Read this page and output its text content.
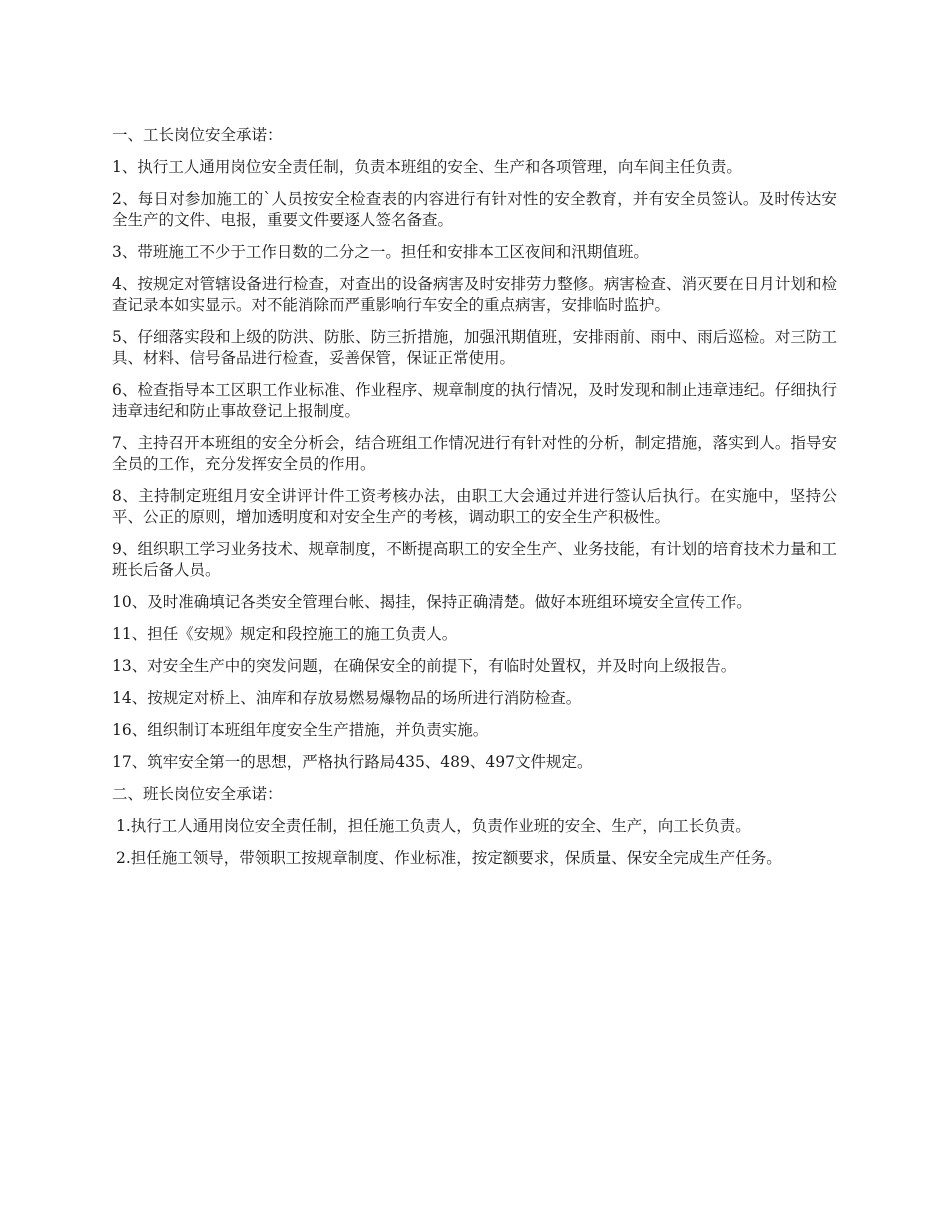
一、工长岗位安全承诺：

1、执行工人通用岗位安全责任制，负责本班组的安全、生产和各项管理，向车间主任负责。

2、每日对参加施工的`人员按安全检查表的内容进行有针对性的安全教育，并有安全员签认。及时传达安全生产的文件、电报，重要文件要逐人签名备查。

3、带班施工不少于工作日数的二分之一。担任和安排本工区夜间和汛期值班。

4、按规定对管辖设备进行检查，对查出的设备病害及时安排劳力整修。病害检查、消灭要在日月计划和检查记录本如实显示。对不能消除而严重影响行车安全的重点病害，安排临时监护。

5、仔细落实段和上级的防洪、防胀、防三折措施，加强汛期值班，安排雨前、雨中、雨后巡检。对三防工具、材料、信号备品进行检查，妥善保管，保证正常使用。

6、检查指导本工区职工作业标准、作业程序、规章制度的执行情况，及时发现和制止违章违纪。仔细执行违章违纪和防止事故登记上报制度。

7、主持召开本班组的安全分析会，结合班组工作情况进行有针对性的分析，制定措施，落实到人。指导安全员的工作，充分发挥安全员的作用。

8、主持制定班组月安全讲评计件工资考核办法，由职工大会通过并进行签认后执行。在实施中，坚持公平、公正的原则，增加透明度和对安全生产的考核，调动职工的安全生产积极性。

9、组织职工学习业务技术、规章制度，不断提高职工的安全生产、业务技能，有计划的培育技术力量和工班长后备人员。

10、及时准确填记各类安全管理台帐、揭挂，保持正确清楚。做好本班组环境安全宣传工作。

11、担任《安规》规定和段控施工的施工负责人。

13、对安全生产中的突发问题，在确保安全的前提下，有临时处置权，并及时向上级报告。

14、按规定对桥上、油库和存放易燃易爆物品的场所进行消防检查。

16、组织制订本班组年度安全生产措施，并负责实施。

17、筑牢安全第一的思想，严格执行路局435、489、497文件规定。

二、班长岗位安全承诺：

1.执行工人通用岗位安全责任制，担任施工负责人，负责作业班的安全、生产，向工长负责。

2.担任施工领导，带领职工按规章制度、作业标准，按定额要求，保质量、保安全完成生产任务。
